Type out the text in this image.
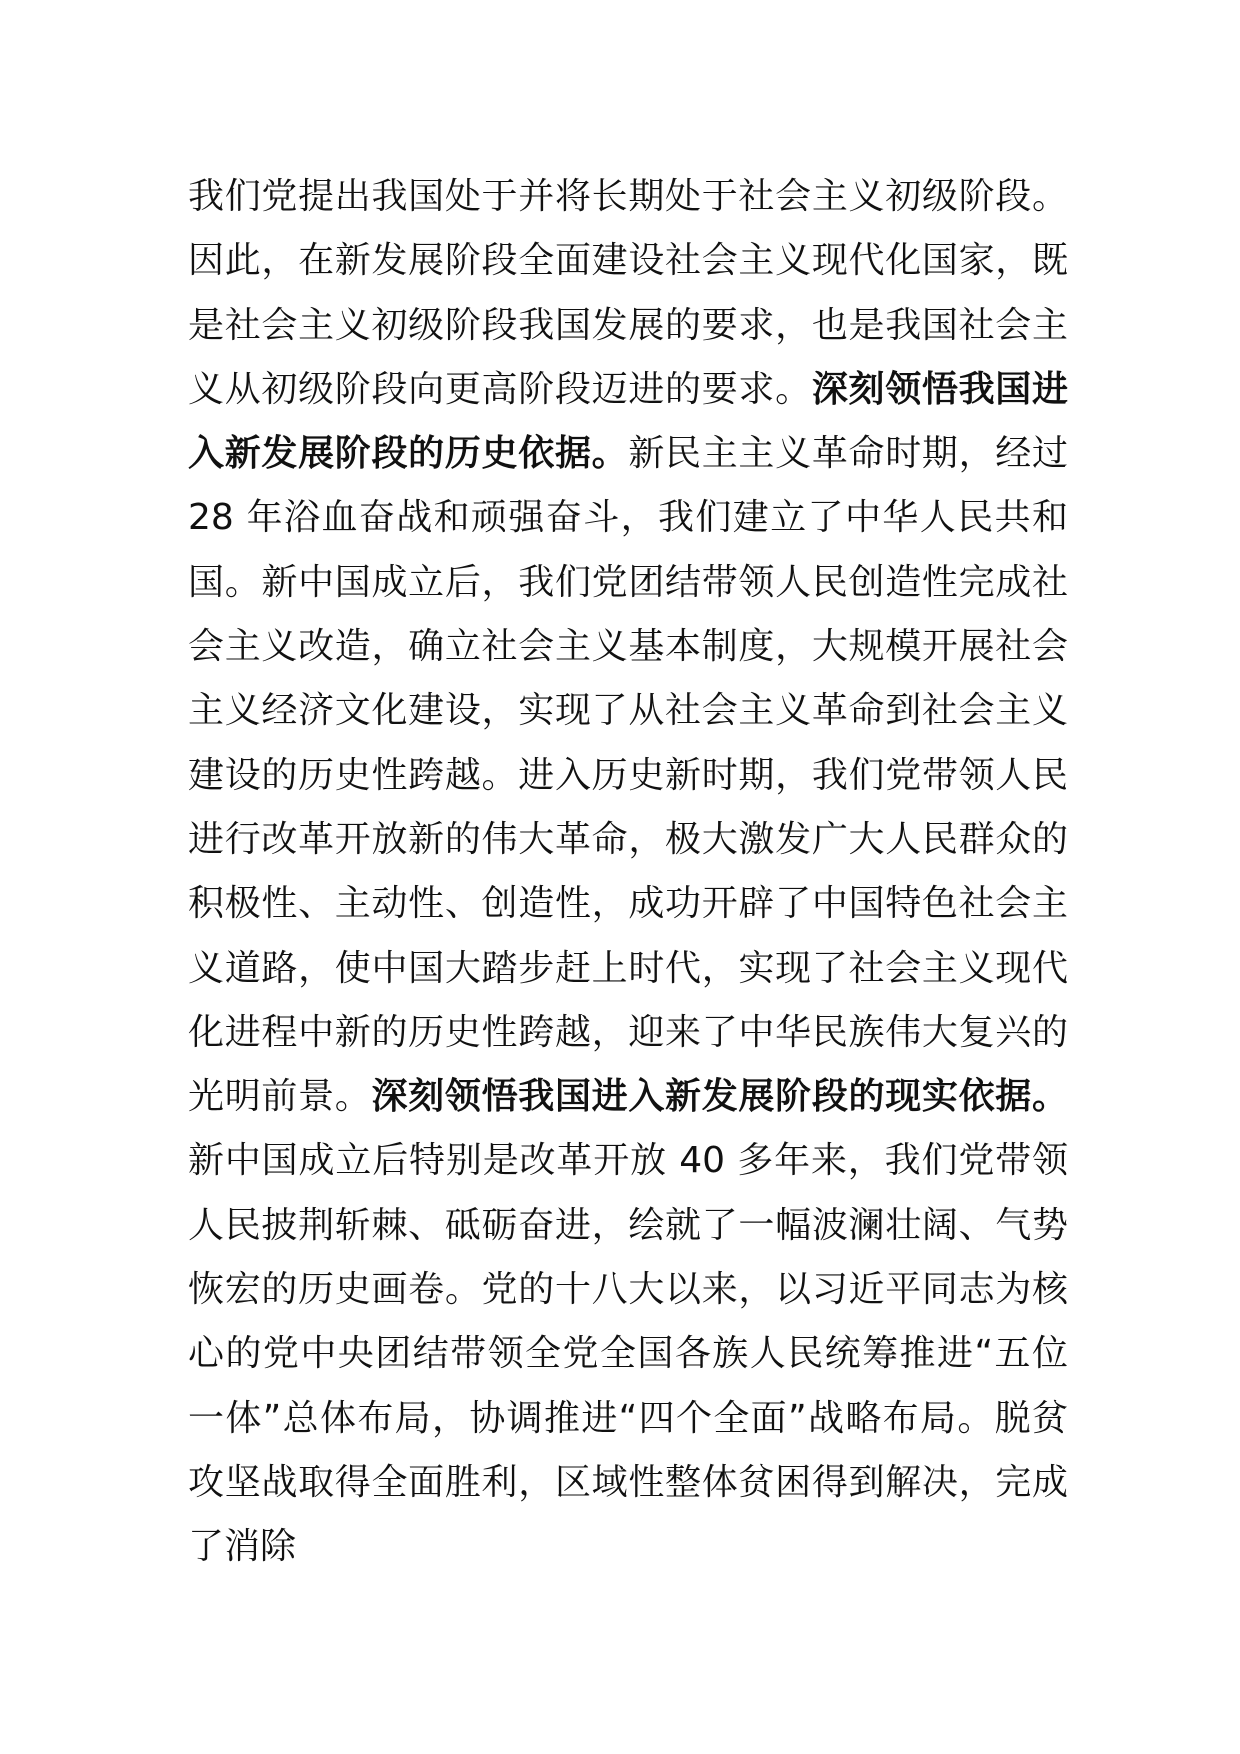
我们党提出我国处于并将长期处于社会主义初级阶段。因此，在新发展阶段全面建设社会主义现代化国家，既是社会主义初级阶段我国发展的要求，也是我国社会主义从初级阶段向更高阶段迈进的要求。深刻领悟我国进入新发展阶段的历史依据。新民主主义革命时期，经过 28 年浴血奋战和顽强奋斗，我们建立了中华人民共和国。新中国成立后，我们党团结带领人民创造性完成社会主义改造，确立社会主义基本制度，大规模开展社会主义经济文化建设，实现了从社会主义革命到社会主义建设的历史性跨越。进入历史新时期，我们党带领人民进行改革开放新的伟大革命，极大激发广大人民群众的积极性、主动性、创造性，成功开辟了中国特色社会主义道路，使中国大踏步赶上时代，实现了社会主义现代化进程中新的历史性跨越，迎来了中华民族伟大复兴的光明前景。深刻领悟我国进入新发展阶段的现实依据。新中国成立后特别是改革开放 40 多年来，我们党带领人民披荆斩棘、砥砺奋进，绘就了一幅波澜壮阔、气势恢宏的历史画卷。党的十八大以来，以习近平同志为核心的党中央团结带领全党全国各族人民统筹推进“五位一体”总体布局，协调推进“四个全面”战略布局。脱贫攻坚战取得全面胜利，区域性整体贫困得到解决，完成了消除
